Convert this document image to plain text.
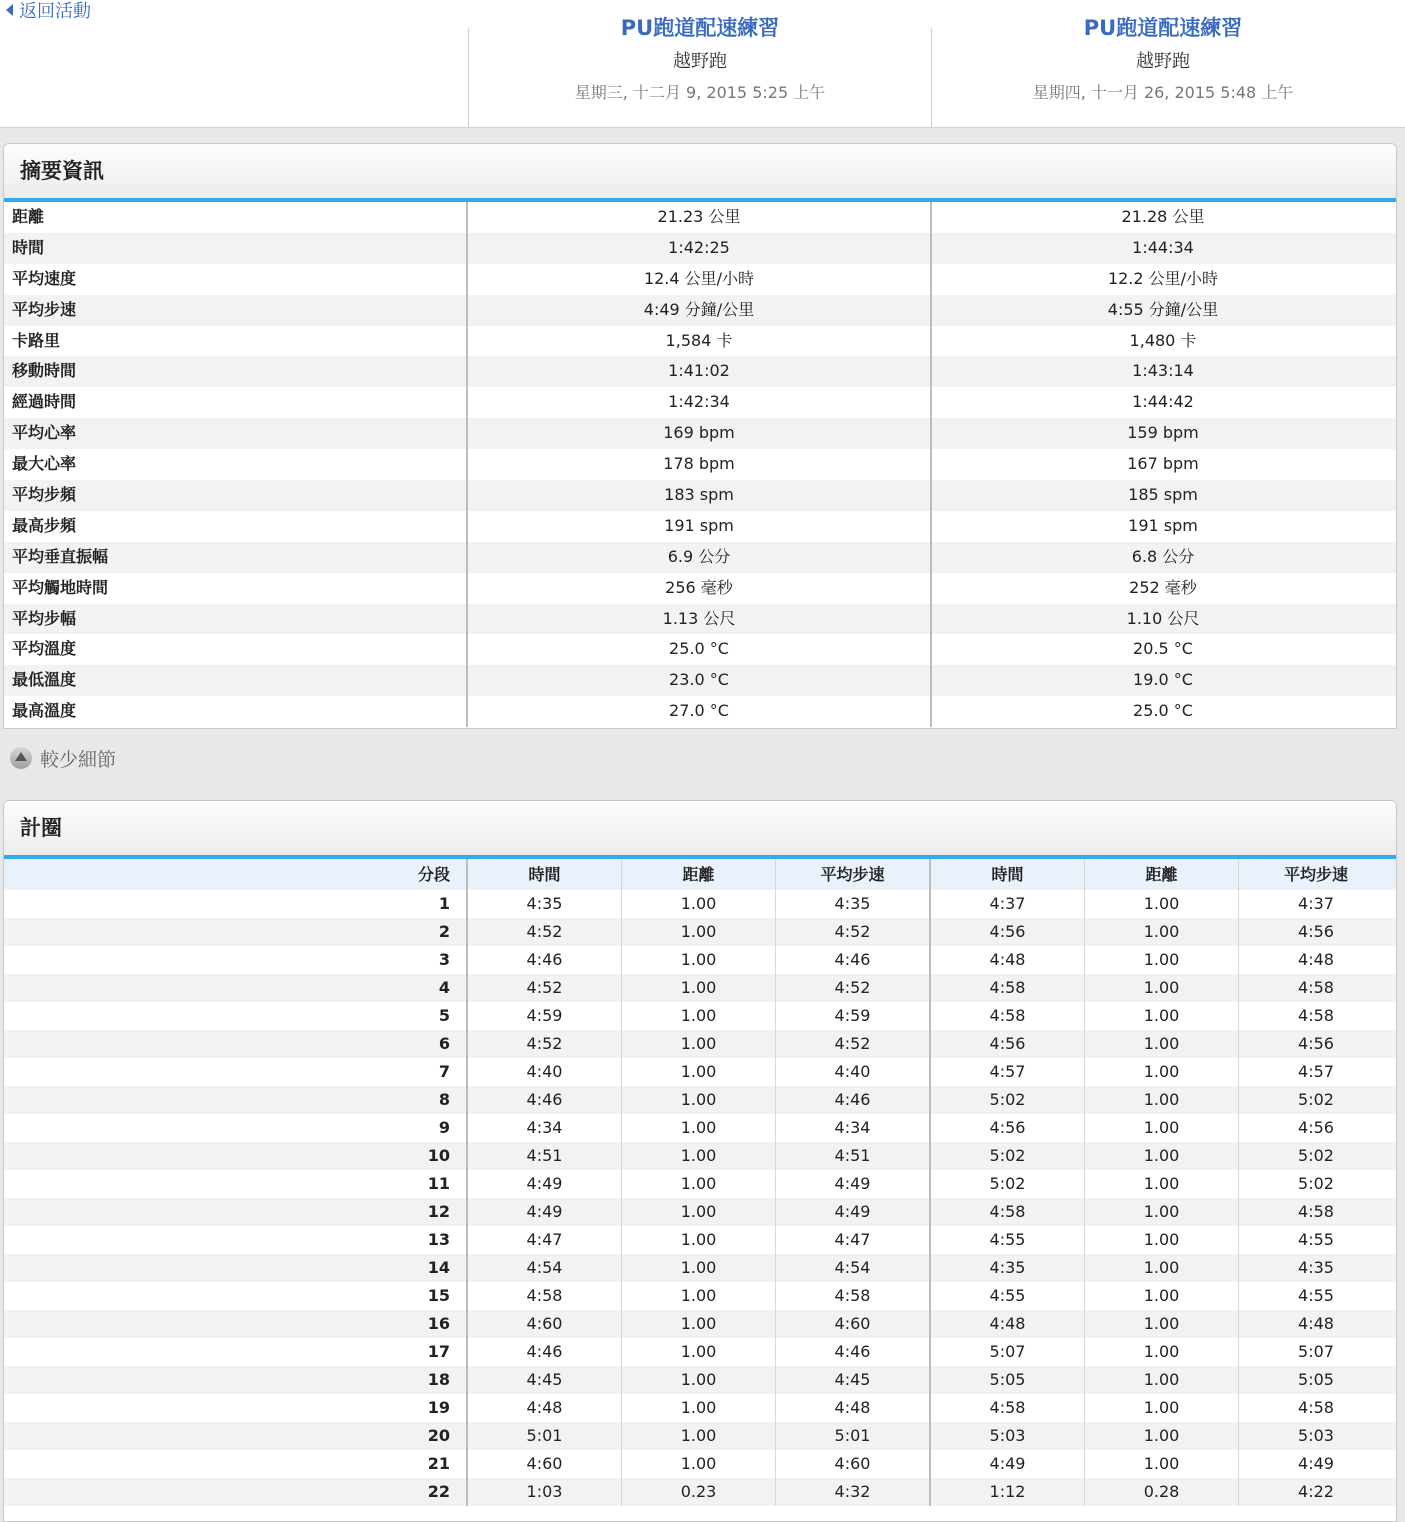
返回活動
PU跑道配速練習
越野跑
星期三, 十二月 9, 2015 5:25 上午
PU跑道配速練習
越野跑
星期四, 十一月 26, 2015 5:48 上午
摘要資訊
距離	21.23 公里	21.28 公里
時間	1:42:25	1:44:34
平均速度	12.4 公里/小時	12.2 公里/小時
平均步速	4:49 分鐘/公里	4:55 分鐘/公里
卡路里	1,584 卡	1,480 卡
移動時間	1:41:02	1:43:14
經過時間	1:42:34	1:44:42
平均心率	169 bpm	159 bpm
最大心率	178 bpm	167 bpm
平均步頻	183 spm	185 spm
最高步頻	191 spm	191 spm
平均垂直振幅	6.9 公分	6.8 公分
平均觸地時間	256 毫秒	252 毫秒
平均步幅	1.13 公尺	1.10 公尺
平均溫度	25.0 °C	20.5 °C
最低溫度	23.0 °C	19.0 °C
最高溫度	27.0 °C	25.0 °C
較少細節
計圈
分段	時間	距離	平均步速	時間	距離	平均步速
1	4:35	1.00	4:35	4:37	1.00	4:37
2	4:52	1.00	4:52	4:56	1.00	4:56
3	4:46	1.00	4:46	4:48	1.00	4:48
4	4:52	1.00	4:52	4:58	1.00	4:58
5	4:59	1.00	4:59	4:58	1.00	4:58
6	4:52	1.00	4:52	4:56	1.00	4:56
7	4:40	1.00	4:40	4:57	1.00	4:57
8	4:46	1.00	4:46	5:02	1.00	5:02
9	4:34	1.00	4:34	4:56	1.00	4:56
10	4:51	1.00	4:51	5:02	1.00	5:02
11	4:49	1.00	4:49	5:02	1.00	5:02
12	4:49	1.00	4:49	4:58	1.00	4:58
13	4:47	1.00	4:47	4:55	1.00	4:55
14	4:54	1.00	4:54	4:35	1.00	4:35
15	4:58	1.00	4:58	4:55	1.00	4:55
16	4:60	1.00	4:60	4:48	1.00	4:48
17	4:46	1.00	4:46	5:07	1.00	5:07
18	4:45	1.00	4:45	5:05	1.00	5:05
19	4:48	1.00	4:48	4:58	1.00	4:58
20	5:01	1.00	5:01	5:03	1.00	5:03
21	4:60	1.00	4:60	4:49	1.00	4:49
22	1:03	0.23	4:32	1:12	0.28	4:22
